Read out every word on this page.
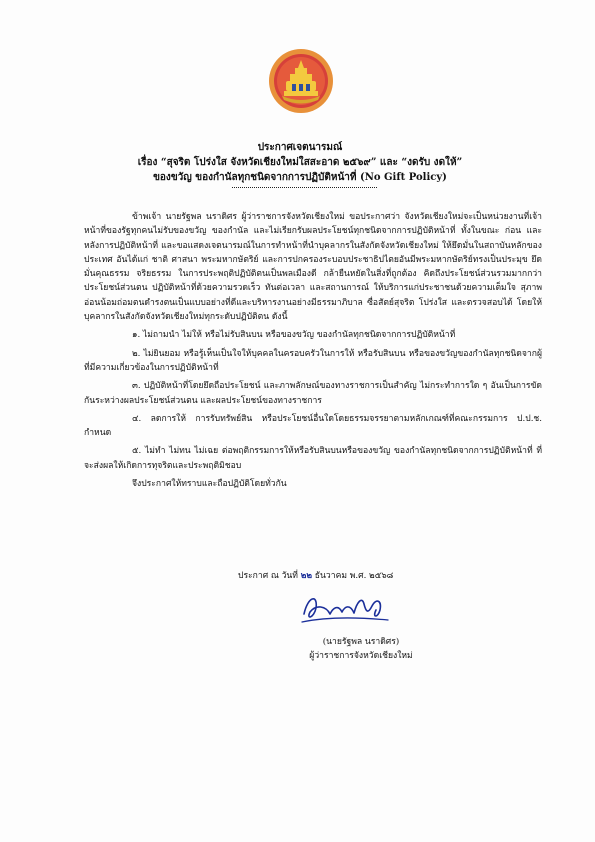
ประกาศเจตนารมณ์
เรื่อง “สุจริต โปร่งใส จังหวัดเชียงใหม่ใสสะอาด ๒๕๖๙” และ “งดรับ งดให้”
ของขวัญ ของกำนัลทุกชนิดจากการปฏิบัติหน้าที่ (No Gift Policy)

ข้าพเจ้า นายรัฐพล นราดิศร ผู้ว่าราชการจังหวัดเชียงใหม่ ขอประกาศว่า จังหวัดเชียงใหม่จะเป็นหน่วยงานที่เจ้าหน้าที่ของรัฐทุกคนไม่รับของขวัญ ของกำนัล และไม่เรียกรับผลประโยชน์ทุกชนิดจากการปฏิบัติหน้าที่ ทั้งในขณะ ก่อน และหลังการปฏิบัติหน้าที่ และขอแสดงเจตนารมณ์ในการทำหน้าที่นำบุคลากรในสังกัดจังหวัดเชียงใหม่ ให้ยึดมั่นในสถาบันหลักของประเทศ อันได้แก่ ชาติ ศาสนา พระมหากษัตริย์ และการปกครองระบอบประชาธิปไตยอันมีพระมหากษัตริย์ทรงเป็นประมุข ยึดมั่นคุณธรรม จริยธรรม ในการประพฤติปฏิบัติตนเป็นพลเมืองดี กล้ายืนหยัดในสิ่งที่ถูกต้อง คิดถึงประโยชน์ส่วนรวมมากกว่าประโยชน์ส่วนตน ปฏิบัติหน้าที่ด้วยความรวดเร็ว ทันต่อเวลา และสถานการณ์ ให้บริการแก่ประชาชนด้วยความเต็มใจ สุภาพ อ่อนน้อมถ่อมตนดำรงตนเป็นแบบอย่างที่ดีและบริหารงานอย่างมีธรรมาภิบาล ซื่อสัตย์สุจริต โปร่งใส และตรวจสอบได้ โดยให้บุคลากรในสังกัดจังหวัดเชียงใหม่ทุกระดับปฏิบัติตน ดังนี้

๑. ไม่ถามนำ ไม่ให้ หรือไม่รับสินบน หรือของขวัญ ของกำนัลทุกชนิดจากการปฏิบัติหน้าที่

๒. ไม่ยินยอม หรือรู้เห็นเป็นใจให้บุคคลในครอบครัวในการให้ หรือรับสินบน หรือของขวัญของกำนัลทุกชนิดจากผู้ที่มีความเกี่ยวข้องในการปฏิบัติหน้าที่

๓. ปฏิบัติหน้าที่โดยยึดถือประโยชน์ และภาพลักษณ์ของทางราชการเป็นสำคัญ ไม่กระทำการใด ๆ อันเป็นการขัดกันระหว่างผลประโยชน์ส่วนตน และผลประโยชน์ของทางราชการ

๔. ลดการให้ การรับทรัพย์สิน หรือประโยชน์อื่นใดโดยธรรมจรรยาตามหลักเกณฑ์ที่คณะกรรมการ ป.ป.ช. กำหนด

๕. ไม่ทำ ไม่ทน ไม่เฉย ต่อพฤติกรรมการให้หรือรับสินบนหรือของขวัญ ของกำนัลทุกชนิดจากการปฏิบัติหน้าที่ ที่จะส่งผลให้เกิดการทุจริตและประพฤติมิชอบ

จึงประกาศให้ทราบและถือปฏิบัติโดยทั่วกัน

ประกาศ ณ วันที่ ๒๒ ธันวาคม พ.ศ. ๒๕๖๘
(นายรัฐพล นราดิศร)
ผู้ว่าราชการจังหวัดเชียงใหม่
